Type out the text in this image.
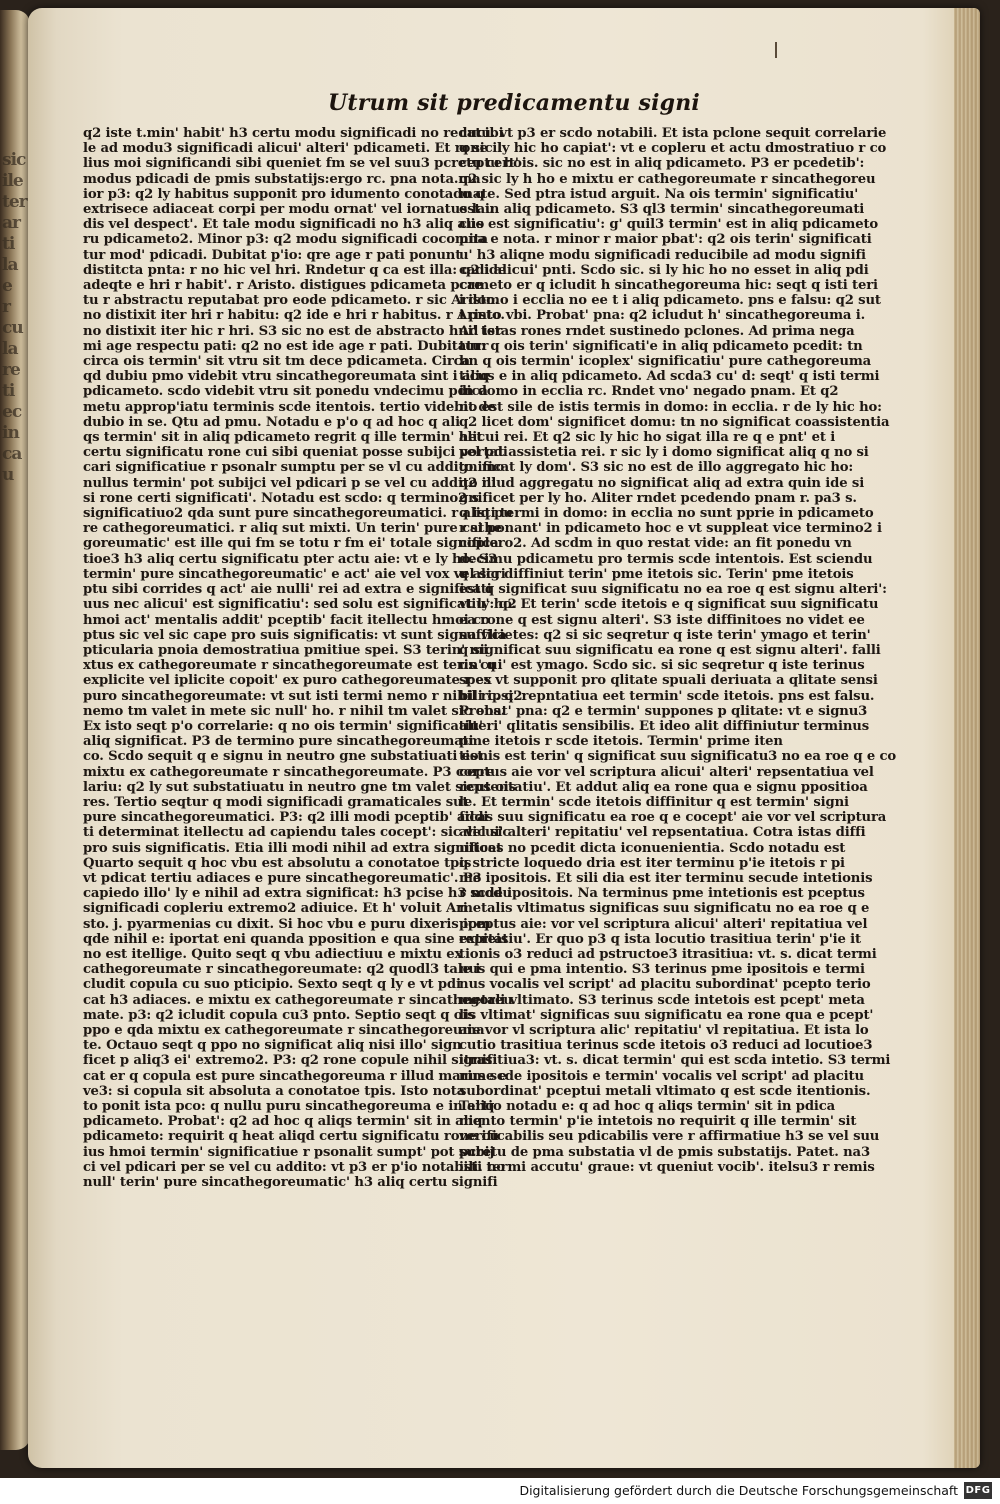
sic
ile
ter
ar
ti
la
e
r
cu
la
re
ti
ec
in
ca
u
Utrum sit predicamentu signi

q2 iste t.min' habit' h3 certu modu significadi no reducibi

le ad modu3 significadi alicui' alteri' pdicameti. Et rone il

lius moi significandi sibi queniet fm se vel suu3 pcretu cert'

modus pdicadi de pmis substatijs:ergo rc. pna nota.ma

ior p3: q2 ly habitus supponit pro idumento conotado q

extrisece adiaceat corpi per modu ornat' vel iornatus lau

dis vel despect'. Et tale modu significadi no h3 aliq alio

ru pdicameto2. Minor p3: q2 modu significadi cocomita

tur mod' pdicadi. Dubitat p'io: qre age r pati ponunt

distitcta pnta: r no hic vel hri. Rndetur q ca est illa: q2 ide

adeqte e hri r habit'. r Aristo. distigues pdicameta pcre

tu r abstractu reputabat pro eode pdicameto. r sic Aristo.

no distixit iter hri r habitu: q2 ide e hri r habitus. r Aristo.

no distixit iter hic r hri. S3 sic no est de abstracto hui' ter

mi age respectu pati: q2 no est ide age r pati. Dubitatur

circa ois termin' sit vtru sit tm dece pdicameta. Circa

qd dubiu pmo videbit vtru sincathegoreumata sint i aliq

pdicameto. scdo videbit vtru sit ponedu vndecimu pdica

metu approp'iatu terminis scde itentois. tertio videbit de

dubio in se. Qtu ad pmu. Notadu e p'o q ad hoc q ali

qs termin' sit in aliq pdicameto regrit q ille termin' het

certu significatu rone cui sibi queniat posse subijci vel pdi

cari significatiue r psonalr sumptu per se vl cu addito. mo

nullus termin' pot subijci vel pdicari p se vel cu addito ni

si rone certi significati'. Notadu est scdo: q termino2 s

significatiuo2 qda sunt pure sincathegoreumatici. r aliq pu

re cathegoreumatici. r aliq sut mixti. Un terin' pure cathe

goreumatic' est ille qui fm se totu r fm ei' totale significa

tioe3 h3 aliq certu significatu pter actu aie: vt e ly ho. S3

termin' pure sincathegoreumatic' e act' aie vel vox vel scri

ptu sibi corrides q act' aie nulli' rei ad extra e significati

uus nec alicui' est significatiu': sed solu est significatiu': q2

hmoi act' mentalis addit' pceptib' facit itellectu hmoi co

ptus sic vel sic cape pro suis significatis: vt sunt signa vlia

pticularia pnoia demostratiua pmitiue spei. S3 terin' mi

xtus ex cathegoreumate r sincathegoreumate est terin' q

explicite vel iplicite copoit' ex puro cathegoreumate r ex

puro sincathegoreumate: vt sut isti termi nemo r nihil rc. q2

nemo tm valet in mete sic null' ho. r nihil tm valet sic ens.

Ex isto seqt p'o correlarie: q no ois termin' significatiu'

aliq significat. P3 de termino pure sincathegoreumati

co. Scdo sequit q e signu in neutro gne substatiuati est

mixtu ex cathegoreumate r sincathegoreumate. P3 corre

lariu: q2 ly sut substatiuatu in neutro gne tm valet sicut ois

res. Tertio seqtur q modi significadi gramaticales sut

pure sincathegoreumatici. P3: q2 illi modi pceptib' addi

ti determinat itellectu ad capiendu tales cocept': sic vel sic

pro suis significatis. Etia illi modi nihil ad extra significat

Quarto sequit q hoc vbu est absolutu a conotatoe tpis

vt pdicat tertiu adiaces e pure sincathegoreumatic'. P3

capiedo illo' ly e nihil ad extra significat: h3 pcise h3 modu

significadi copleriu extremo2 adiuice. Et h' voluit Ari

sto. j. pyarmenias cu dixit. Si hoc vbu e puru dixeris ipm

qde nihil e: iportat eni quanda pposition e qua sine extreis

no est itellige. Quito seqt q vbu adiectiuu e mixtu ex

cathegoreumate r sincathegoreumate: q2 quodl3 tale i

cludit copula cu suo pticipio. Sexto seqt q ly e vt pdi

cat h3 adiaces. e mixtu ex cathegoreumate r sincathegoreu

mate. p3: q2 icludit copula cu3 pnto. Septio seqt q ois

ppo e qda mixtu ex cathegoreumate r sincathegoreuma

te. Octauo seqt q ppo no significat aliq nisi illo' sign

ficet p aliq3 ei' extremo2. P3: q2 rone copule nihil signifi

cat er q copula est pure sincathegoreuma r illud marime e

ve3: si copula sit absoluta a conotatoe tpis. Isto nota

to ponit ista pco: q nullu puru sincathegoreuma e in aliq

pdicameto. Probat': q2 ad hoc q aliqs termin' sit in aliq

pdicameto: requirit q heat aliqd certu significatu rone cu

ius hmoi termin' significatiue r psonalit sumpt' pot subij

ci vel pdicari per se vel cu addito: vt p3 er p'io notabili. no

null' terin' pure sincathegoreumatic' h3 aliq certu signifi

catu. vt p3 er scdo notabili. Et ista pclone sequit correlarie

q sic ly hic ho capiat': vt e copleru et actu dmostratiuo r co

ceptu bois. sic no est in aliq pdicameto. P3 er pcedetib':

q2 sic ly h ho e mixtu er cathegoreumate r sincathegoreu

mate. Sed ptra istud arguit. Na ois termin' significatiu'

est in aliq pdicameto. S3 ql3 termin' sincathegoreumati

cus est significatiu': g' quil3 termin' est in aliq pdicameto

pna e nota. r minor r maior pbat': q2 ois terin' significati

u' h3 aliqne modu significadi reducibile ad modu signifi

cadi alicui' pnti. Scdo sic. si ly hic ho no esset in aliq pdi

cameto er q icludit h sincathegoreuma hic: seqt q isti teri

i domo i ecclia no ee t i aliq pdicameto. pns e falsu: q2 sut

i pnto vbi. Probat' pna: q2 icludut h' sincathegoreuma i.

Ad istas rones rndet sustinedo pclones. Ad prima nega

tur: q ois terin' significati'e in aliq pdicameto pcedit: tn

hn q ois termin' icoplex' significatiu' pure cathegoreuma

ticus e in aliq pdicameto. Ad scda3 cu' d: seqt' q isti termi

in domo in ecclia rc. Rndet vno' negado pnam. Et q2

no est sile de istis termis in domo: in ecclia. r de ly hic ho:

q2 licet dom' significet domu: tn no significat coassistentia

alicui rei. Et q2 sic ly hic ho sigat illa re q e pnt' et i

portat assistetia rei. r sic ly i domo significat aliq q no si

gnificat ly dom'. S3 sic no est de illo aggregato hic ho:

q2 illud aggregatu no significat aliq ad extra quin ide si

gnificet per ly ho. Aliter rndet pcedendo pnam r. pa3 s.

q isti termi in domo: in ecclia no sunt pprie in pdicameto

r si ponant' in pdicameto hoc e vt suppleat vice termino2 i

coplero2. Ad scdm in quo restat vide: an fit ponedu vn

decimu pdicametu pro termis scde intentois. Est sciendu

q alig diffiniut terin' pme itetois sic. Terin' pme itetois

est q significat suu significatu no ea roe q est signu alteri':

vt ly ho. Et terin' scde itetois e q significat suu significatu

ea rone q est signu alteri'. S3 iste diffinitoes no videt ee

sufficietes: q2 si sic seqretur q iste terin' ymago et terin'

q significat suu significatu ea rone q est signu alteri'. falli

us cui' est ymago. Scdo sic. si sic seqretur q iste terinus

spes vt supponit pro qlitate spuali deriuata a qlitate sensi

bili ipsi' repntatiua eet termin' scde itetois. pns est falsu.

Probat' pna: q2 e termin' suppones p qlitate: vt e signu3

alteri' qlitatis sensibilis. Et ideo alit diffiniutur terminus

pme itetois r scde itetois. Termin' prime iten

tionis est terin' q significat suu significatu3 no ea roe q e co

ceptus aie vor vel scriptura alicui' alteri' repsentatiua vel

repsentatiu'. Et addut aliq ea rone qua e signu ppositioa

le. Et termin' scde itetois diffinitur q est termin' signi

ficas suu significatu ea roe q e cocept' aie vor vel scriptura

alicui' alteri' repitatiu' vel repsentatiua. Cotra istas diffi

nitoes no pcedit dicta iconuenientia. Scdo notadu est

q stricte loquedo dria est iter terminu p'ie itetois r pi

me ipositois. Et sili dia est iter terminu secude intetionis

r scde ipositois. Na terminus pme intetionis est pceptus

metalis vltimatus significas suu significatu no ea roe q e

pceptus aie: vor vel scriptura alicui' alteri' repitatiua vel

repitatiu'. Er quo p3 q ista locutio trasitiua terin' p'ie it

tionis o3 reduci ad pstructoe3 itrasitiua: vt. s. dicat termi

nus qui e pma intentio. S3 terinus pme ipositois e termi

nus vocalis vel script' ad placitu subordinat' pcepto terio

metali vltimato. S3 terinus scde intetois est pcept' meta

lis vltimat' significas suu significatu ea rone qua e pcept'

aie vor vl scriptura alic' repitatiu' vl repitatiua. Et ista lo

cutio trasitiua terinus scde itetois o3 reduci ad locutioe3

itrasitiua3: vt. s. dicat termin' qui est scda intetio. S3 termi

nus scde ipositois e termin' vocalis vel script' ad placitu

subordinat' pceptui metali vltimato q est scde itentionis.

Tertio notadu e: q ad hoc q aliqs termin' sit in pdica

mento termin' p'ie intetois no requirit q ille termin' sit

verificabilis seu pdicabilis vere r affirmatiue h3 se vel suu

pcretu de pma substatia vl de pmis substatijs. Patet. na3

isti termi accutu' graue: vt queniut vocib'. itelsu3 r remis

Digitalisierung gefördert durch die Deutsche Forschungsgemeinschaft DFG
